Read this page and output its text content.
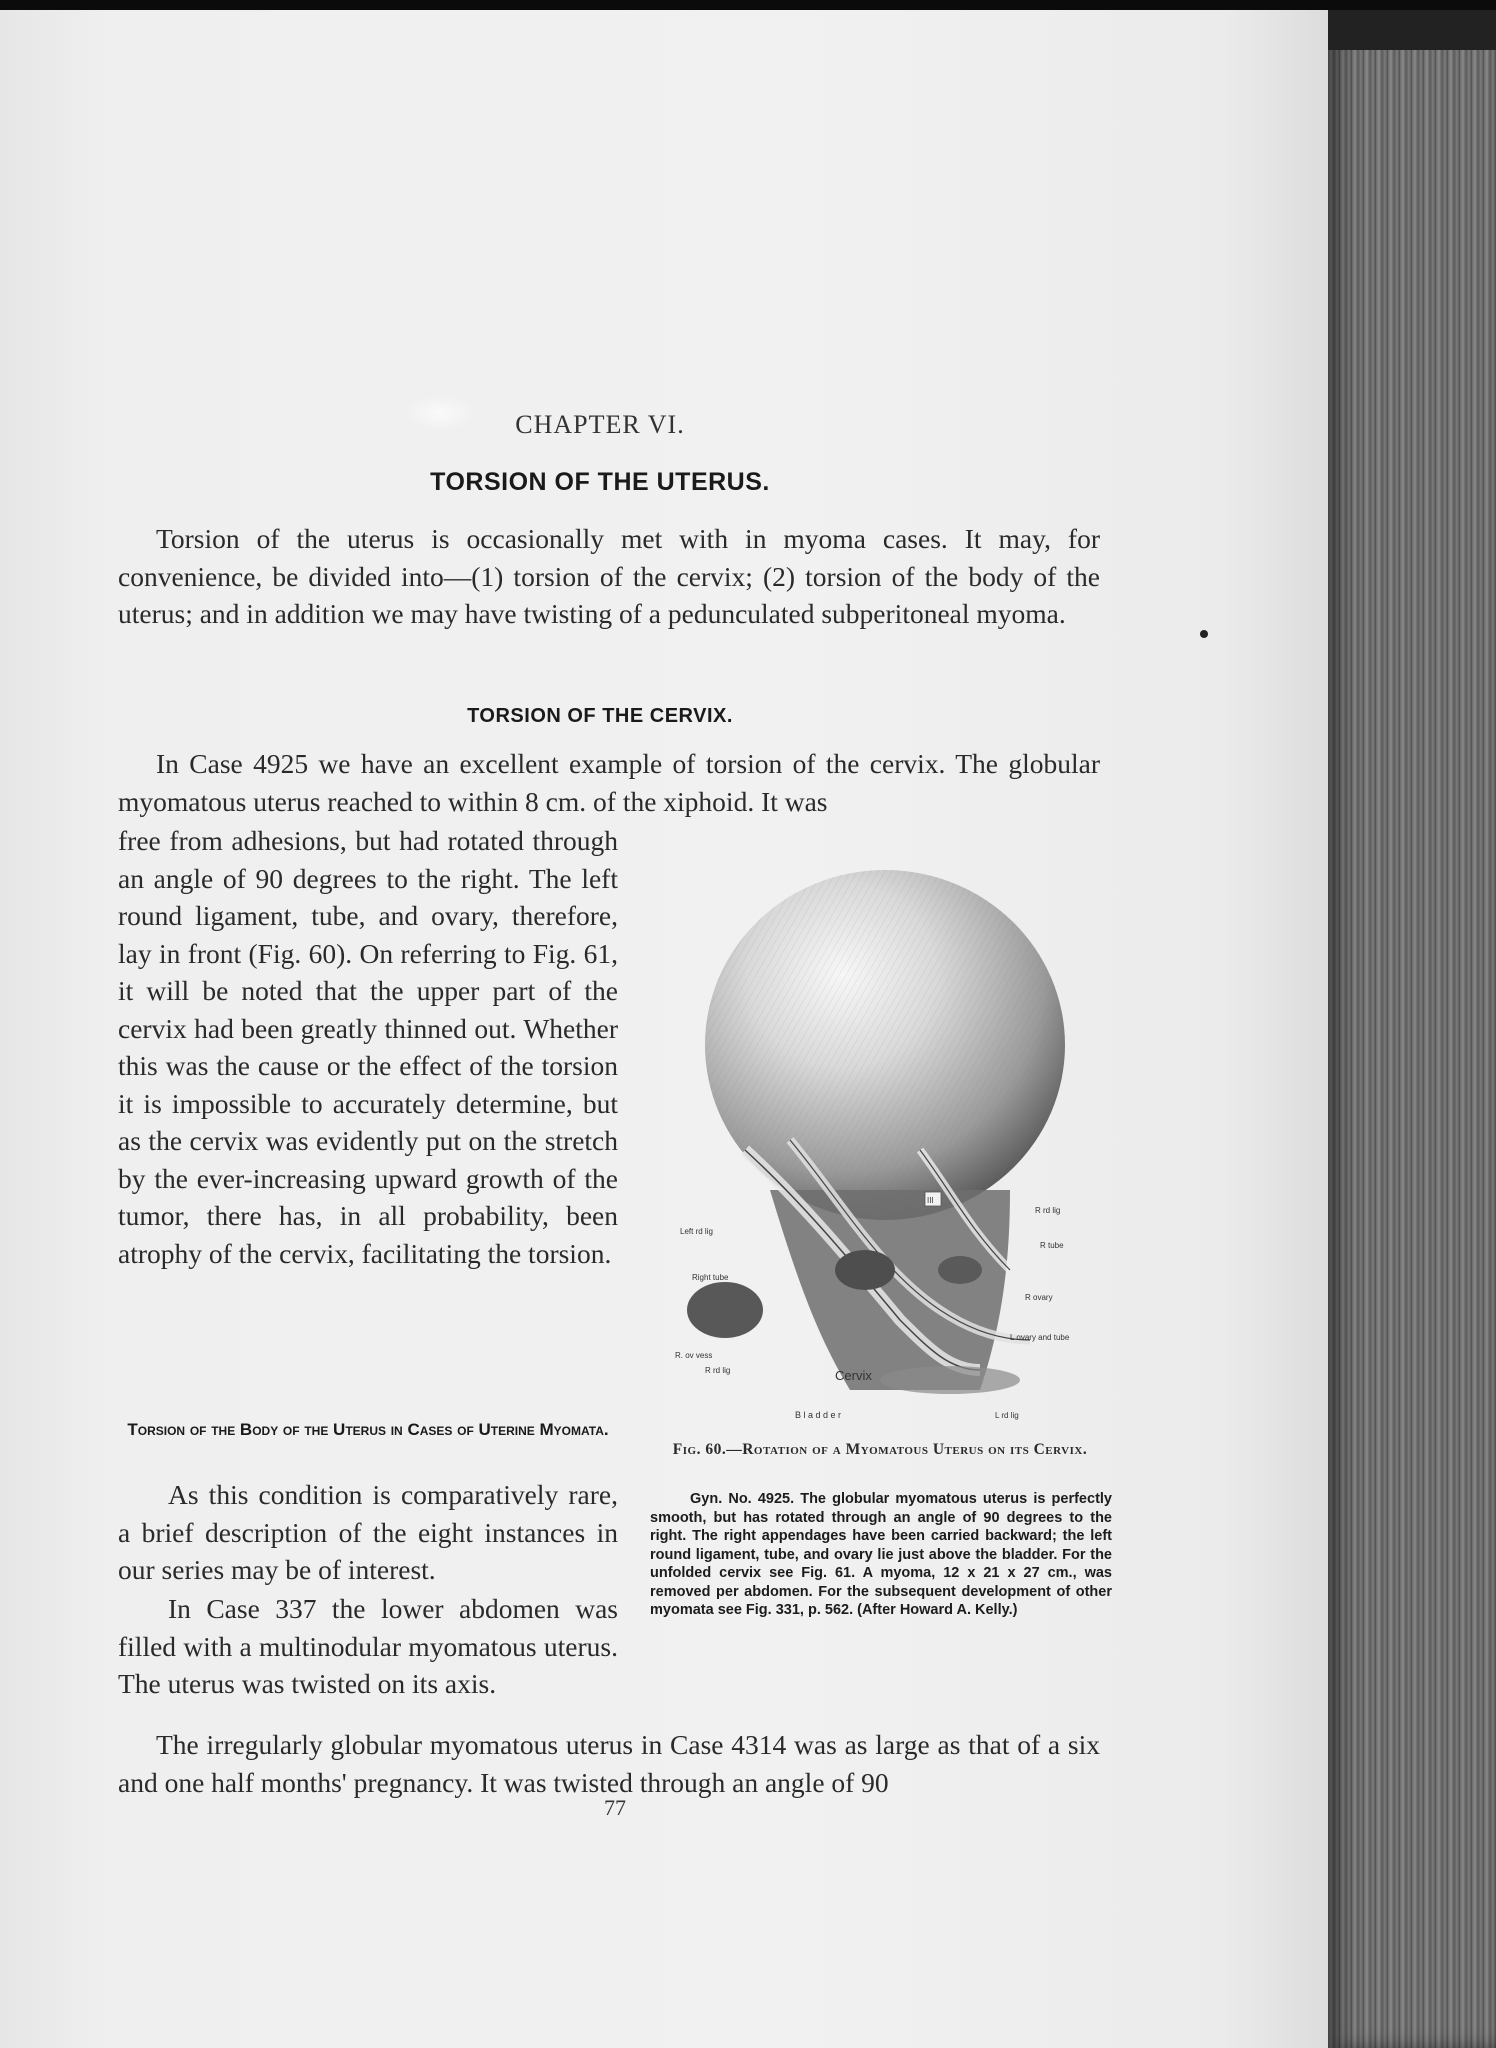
CHAPTER VI.
TORSION OF THE UTERUS.

Torsion of the uterus is occasionally met with in myoma cases. It may, for convenience, be divided into—(1) torsion of the cervix; (2) torsion of the body of the uterus; and in addition we may have twisting of a pedunculated subperitoneal myoma.

TORSION OF THE CERVIX.

In Case 4925 we have an excellent example of torsion of the cervix. The globular myomatous uterus reached to within 8 cm. of the xiphoid. It was

free from adhesions, but had rotated through an angle of 90 degrees to the right. The left round ligament, tube, and ovary, therefore, lay in front (Fig. 60). On referring to Fig. 61, it will be noted that the upper part of the cervix had been greatly thinned out. Whether this was the cause or the effect of the torsion it is impossible to accurately determine, but as the cervix was evidently put on the stretch by the ever-increasing upward growth of the tumor, there has, in all probability, been atrophy of the cervix, facilitating the torsion.

III
Left rd lig
Right tube
R. ov vess
R rd lig
R rd lig
R tube
R ovary
L ovary and tube
Cervix
B l a d d e r	L rd lig
Fig. 60.—Rotation of a Myomatous Uterus on its Cervix.

Gyn. No. 4925. The globular myomatous uterus is perfectly smooth, but has rotated through an angle of 90 degrees to the right. The right appendages have been carried backward; the left round ligament, tube, and ovary lie just above the bladder. For the unfolded cervix see Fig. 61. A myoma, 12 x 21 x 27 cm., was removed per abdomen. For the subsequent development of other myomata see Fig. 331, p. 562. (After Howard A. Kelly.)

Torsion of the Body of the Uterus in Cases of Uterine Myomata.

As this condition is comparatively rare, a brief description of the eight instances in our series may be of interest.

In Case 337 the lower abdomen was filled with a multinodular myomatous uterus. The uterus was twisted on its axis.

The irregularly globular myomatous uterus in Case 4314 was as large as that of a six and one half months' pregnancy. It was twisted through an angle of 90

77
